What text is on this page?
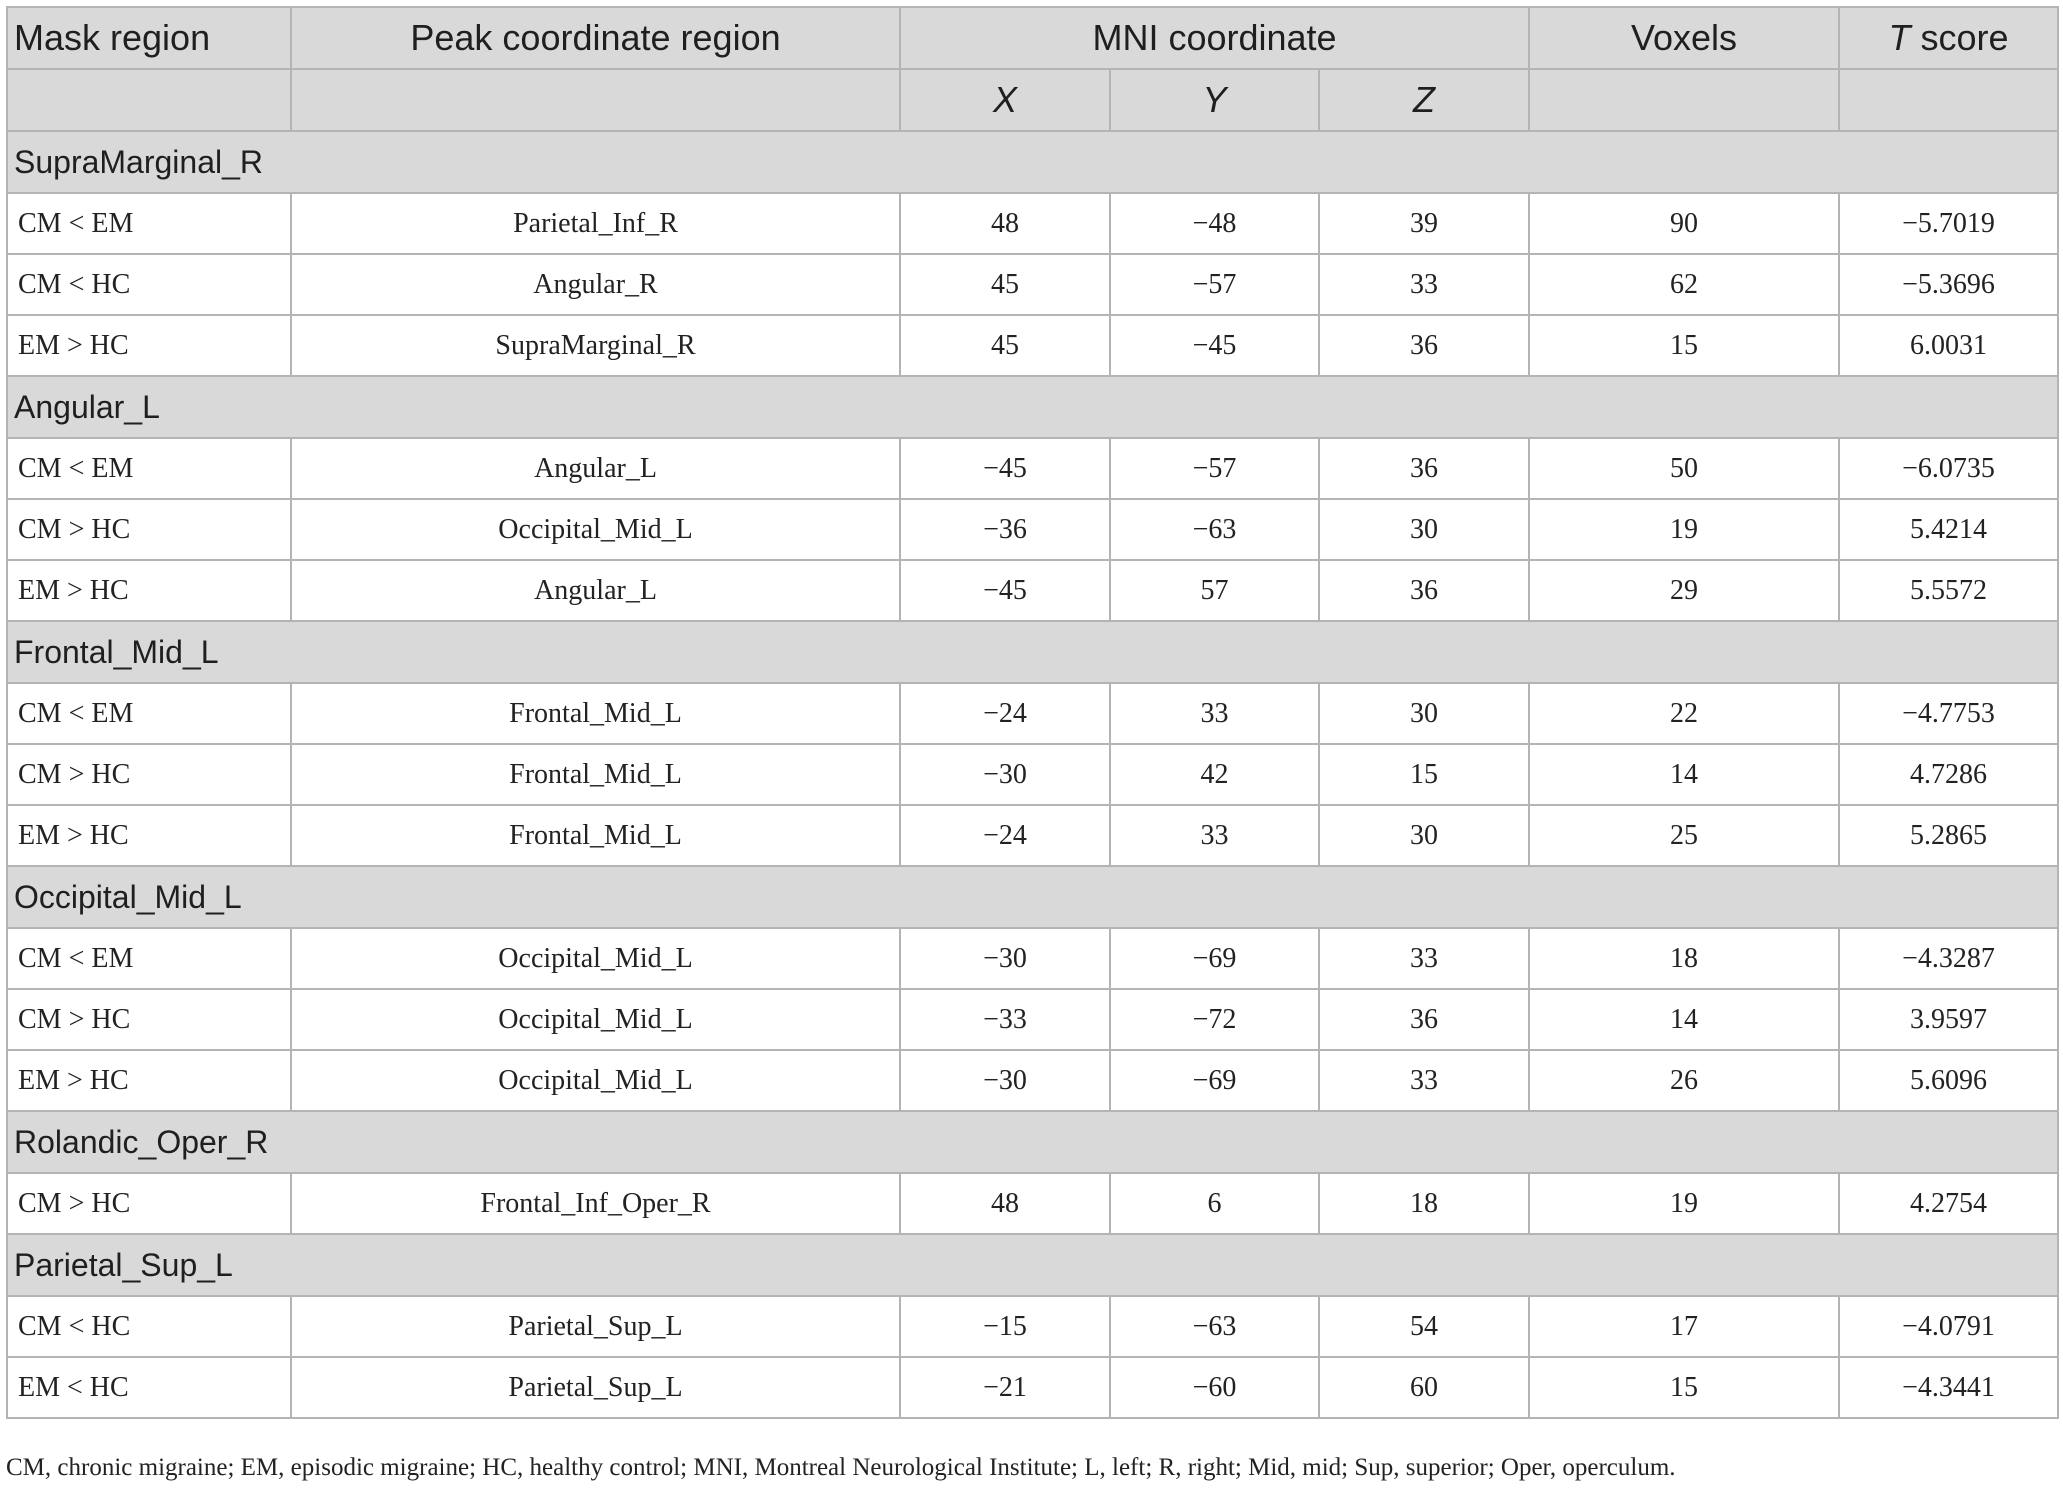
Mask region	Peak coordinate region	MNI coordinate			Voxels	T score
		X	Y	Z		
SupraMarginal_R						
CM < EM	Parietal_Inf_R	48	−48	39	90	−5.7019
CM < HC	Angular_R	45	−57	33	62	−5.3696
EM > HC	SupraMarginal_R	45	−45	36	15	6.0031
Angular_L						
CM < EM	Angular_L	−45	−57	36	50	−6.0735
CM > HC	Occipital_Mid_L	−36	−63	30	19	5.4214
EM > HC	Angular_L	−45	57	36	29	5.5572
Frontal_Mid_L						
CM < EM	Frontal_Mid_L	−24	33	30	22	−4.7753
CM > HC	Frontal_Mid_L	−30	42	15	14	4.7286
EM > HC	Frontal_Mid_L	−24	33	30	25	5.2865
Occipital_Mid_L						
CM < EM	Occipital_Mid_L	−30	−69	33	18	−4.3287
CM > HC	Occipital_Mid_L	−33	−72	36	14	3.9597
EM > HC	Occipital_Mid_L	−30	−69	33	26	5.6096
Rolandic_Oper_R						
CM > HC	Frontal_Inf_Oper_R	48	6	18	19	4.2754
Parietal_Sup_L						
CM < HC	Parietal_Sup_L	−15	−63	54	17	−4.0791
EM < HC	Parietal_Sup_L	−21	−60	60	15	−4.3441
CM, chronic migraine; EM, episodic migraine; HC, healthy control; MNI, Montreal Neurological Institute; L, left; R, right; Mid, mid; Sup, superior; Oper, operculum.
